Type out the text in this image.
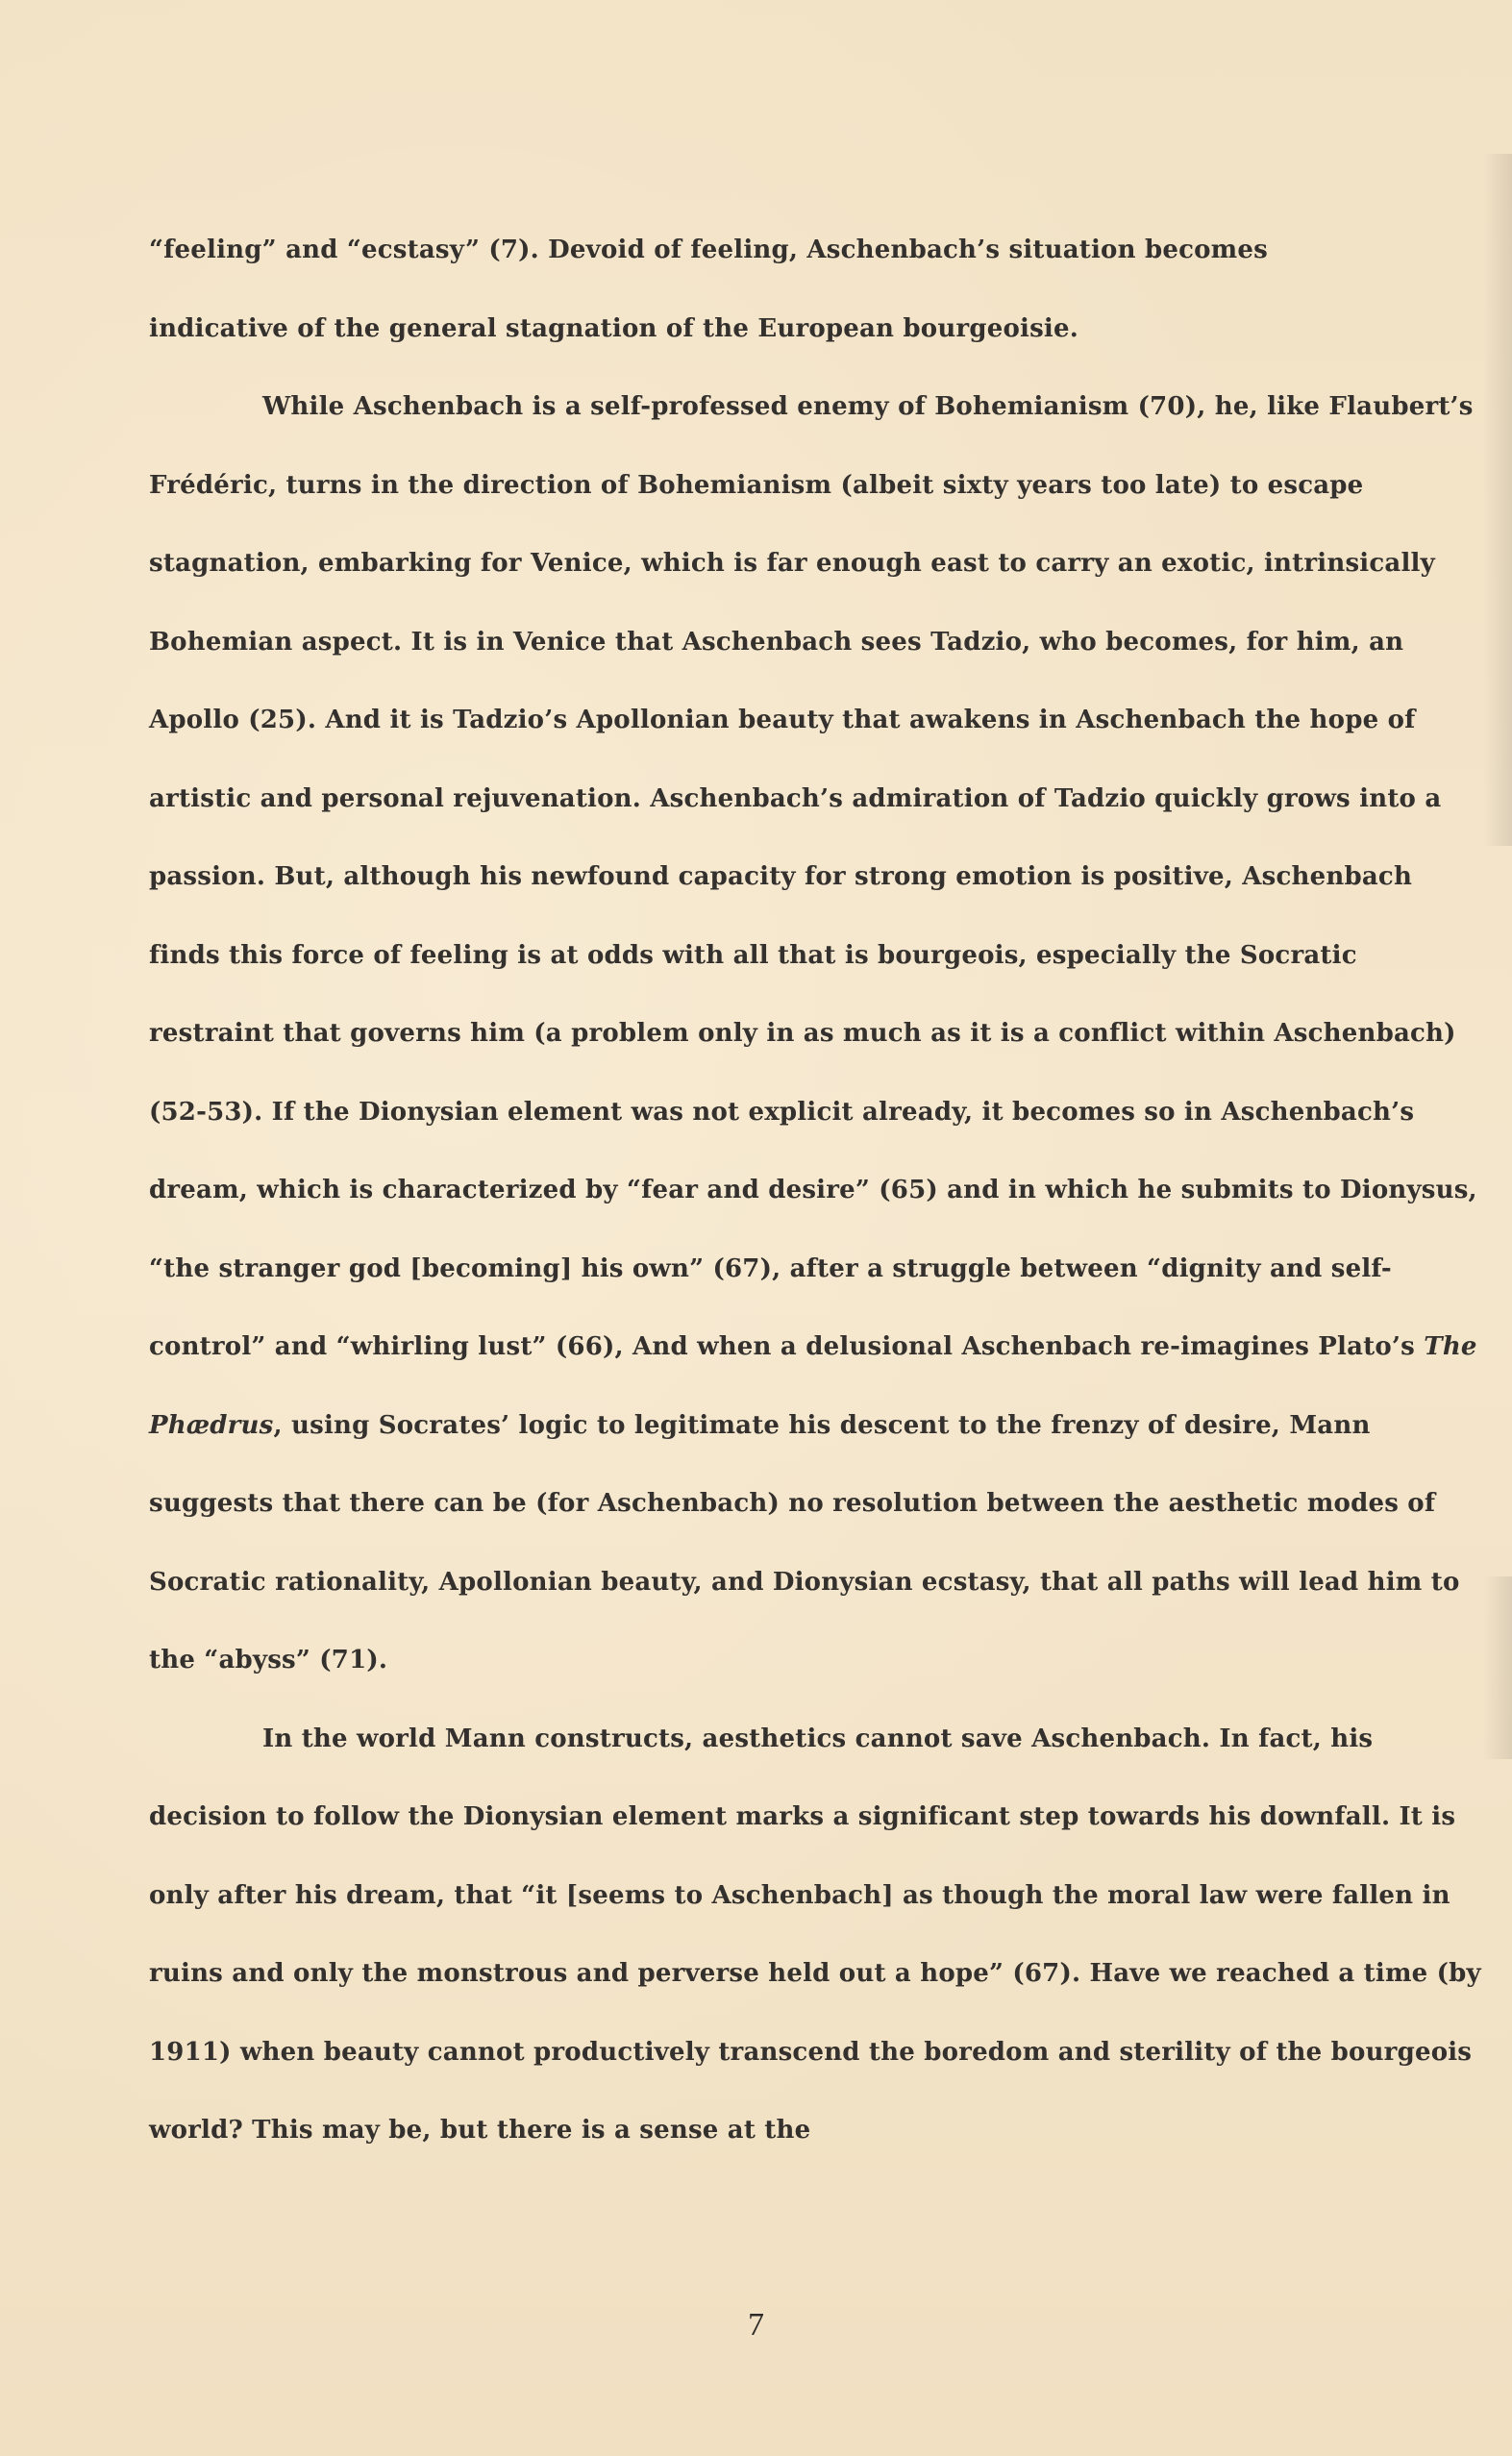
“feeling” and “ecstasy” (7). Devoid of feeling, Aschenbach’s situation becomes indicative of the general stagnation of the European bourgeoisie.

While Aschenbach is a self-professed enemy of Bohemianism (70), he, like Flaubert’s Frédéric, turns in the direction of Bohemianism (albeit sixty years too late) to escape stagnation, embarking for Venice, which is far enough east to carry an exotic, intrinsically Bohemian aspect. It is in Venice that Aschenbach sees Tadzio, who becomes, for him, an Apollo (25). And it is Tadzio’s Apollonian beauty that awakens in Aschenbach the hope of artistic and personal rejuvenation. Aschenbach’s admiration of Tadzio quickly grows into a passion. But, although his newfound capacity for strong emotion is positive, Aschenbach finds this force of feeling is at odds with all that is bourgeois, especially the Socratic restraint that governs him (a problem only in as much as it is a conflict within Aschenbach) (52-53). If the Dionysian element was not explicit already, it becomes so in Aschenbach’s dream, which is characterized by “fear and desire” (65) and in which he submits to Dionysus, “the stranger god [becoming] his own” (67), after a struggle between “dignity and self-control” and “whirling lust” (66), And when a delusional Aschenbach re-imagines Plato’s The Phædrus, using Socrates’ logic to legitimate his descent to the frenzy of desire, Mann suggests that there can be (for Aschenbach) no resolution between the aesthetic modes of Socratic rationality, Apollonian beauty, and Dionysian ecstasy, that all paths will lead him to the “abyss” (71).

In the world Mann constructs, aesthetics cannot save Aschenbach. In fact, his decision to follow the Dionysian element marks a significant step towards his downfall. It is only after his dream, that “it [seems to Aschenbach] as though the moral law were fallen in ruins and only the monstrous and perverse held out a hope” (67). Have we reached a time (by 1911) when beauty cannot productively transcend the boredom and sterility of the bourgeois world? This may be, but there is a sense at the

7
